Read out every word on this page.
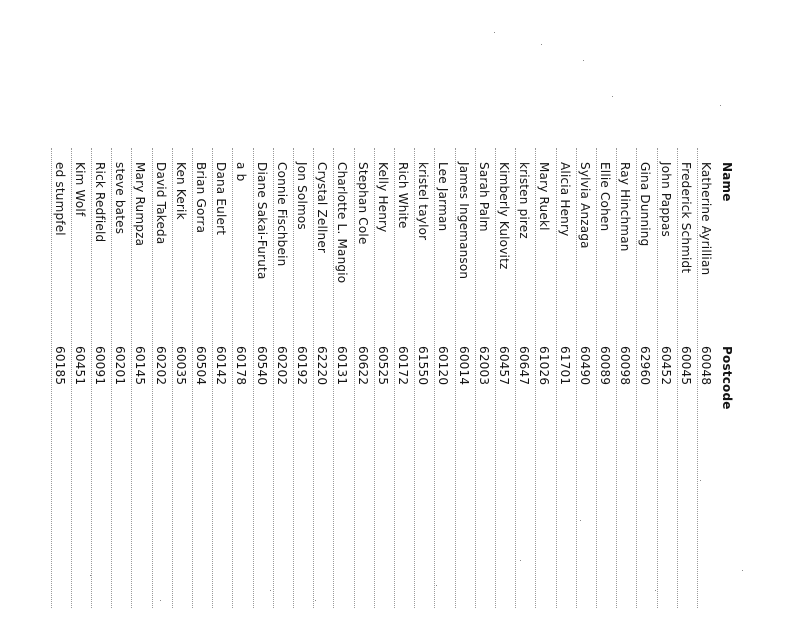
Name
Postcode
Katherine Ayrillian
60048
Frederick Schmidt
60045
John Pappas
60452
Gina Dunning
62960
Ray Hinchman
60098
Ellie Cohen
60089
Sylvia Anzaga
60490
Alicia Henry
61701
Mary Ruekl
61026
kristen pirez
60647
Kimberly Kulovitz
60457
Sarah Palm
62003
James Ingemanson
60014
Lee Jarman
60120
kristel taylor
61550
Rich White
60172
Kelly Henry
60525
Stephan Cole
60622
Charlotte L. Mangio
60131
Crystal Zellner
62220
Jon Solmos
60192
Connie Fischbein
60202
Diane Sakai-Furuta
60540
a b
60178
Dana Eulert
60142
Brian Gorra
60504
Ken Kerik
60035
David Takeda
60202
Mary Rumpza
60145
steve bates
60201
Rick Redfield
60091
Kim Wolf
60451
ed stumpfel
60185
